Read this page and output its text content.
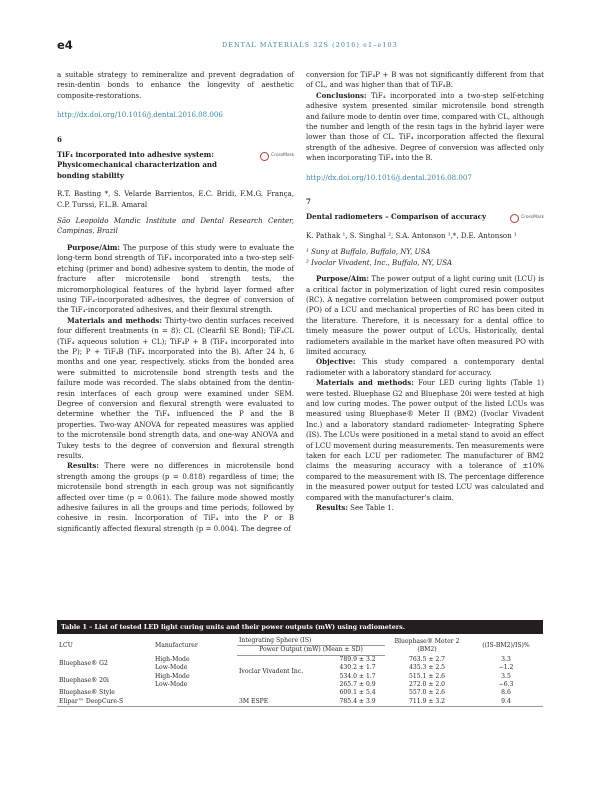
e4	DENTAL MATERIALS 32S (2016) e1–e103

a suitable strategy to remineralize and prevent degradation of resin-dentin bonds to enhance the longevity of aesthetic composite-restorations.

http://dx.doi.org/10.1016/j.dental.2016.08.006
6

TiF₄ incorporated into adhesive system: Physicomechanical characterization and bonding stability

CrossMark

R.T. Basting *, S. Velarde Barrientos, E.C. Bridi, F.M.G. França, C.P. Turssi, F.L.B. Amaral

São Leopoldo Mandic Institute and Dental Research Center, Campinas, Brazil

Purpose/Aim: The purpose of this study were to evaluate the long-term bond strength of TiF₄ incorporated into a two-step self-etching (primer and bond) adhesive system to dentin, the mode of fracture after microtensile bond strength tests, the micromorphological features of the hybrid layer formed after using TiF₄-incorporated adhesives, the degree of conversion of the TiF₄-incorporated adhesives, and their flexural strength.

Materials and methods: Thirty-two dentin surfaces received four different treatments (n = 8): CL (Clearfil SE Bond); TiF₄CL (TiF₄ aqueous solution + CL); TiF₄P + B (TiF₄ incorporated into the P); P + TiF₄B (TiF₄ incorporated into the B). After 24 h, 6 months and one year, respectively, sticks from the bonded area were submitted to microtensile bond strength tests and the failure mode was recorded. The slabs obtained from the dentin-resin interfaces of each group were examined under SEM. Degree of conversion and flexural strength were evaluated to determine whether the TiF₄ influenced the P and the B properties. Two-way ANOVA for repeated measures was applied to the microtensile bond strength data, and one-way ANOVA and Tukey tests to the degree of conversion and flexural strength results.

Results: There were no differences in microtensile bond strength among the groups (p = 0.818) regardless of time; the microtensile bond strength in each group was not significantly affected over time (p = 0.061). The failure mode showed mostly adhesive failures in all the groups and time periods, followed by cohesive in resin. Incorporation of TiF₄ into the P or B significantly affected flexural strength (p = 0.004). The degree of

conversion for TiF₄P + B was not significantly different from that of CL, and was higher than that of TiF₄B.

Conclusions: TiF₄ incorporated into a two-step self-etching adhesive system presented similar microtensile bond strength and failure mode to dentin over time, compared with CL, although the number and length of the resin tags in the hybrid layer were lower than those of CL. TiF₄ incorporation affected the flexural strength of the adhesive. Degree of conversion was affected only when incorporating TiF₄ into the B.

http://dx.doi.org/10.1016/j.dental.2016.08.007
7

Dental radiometers – Comparison of accuracy	CrossMark

K. Pathak ¹, S. Singhal ², S.A. Antonson ¹,*, D.E. Antonson ¹

¹ Suny at Buffalo, Buffalo, NY, USA

² Ivoclar Vivadent, Inc., Buffalo, NY, USA

Purpose/Aim: The power output of a light curing unit (LCU) is a critical factor in polymerization of light cured resin composites (RC). A negative correlation between compromised power output (PO) of a LCU and mechanical properties of RC has been cited in the literature. Therefore, it is necessary for a dental office to timely measure the power output of LCUs. Historically, dental radiometers available in the market have often measured PO with limited accuracy.

Objective: This study compared a contemporary dental radiometer with a laboratory standard for accuracy.

Materials and methods: Four LED curing lights (Table 1) were tested. Bluephase G2 and Bluephase 20i were tested at high and low curing modes. The power output of the listed LCUs was measured using Bluephase® Meter II (BM2) (Ivoclar Vivadent Inc.) and a laboratory standard radiometer- Integrating Sphere (IS). The LCUs were positioned in a metal stand to avoid an effect of LCU movement during measurements. Ten measurements were taken for each LCU per radiometer. The manufacturer of BM2 claims the measuring accuracy with a tolerance of ±10% compared to the measurement with IS. The percentage difference in the measured power output for tested LCU was calculated and compared with the manufacturer's claim.

Results: See Table 1.

Table 1 – List of tested LED light curing units and their power outputs (mW) using radiometers.
LCU	Manufacturer	Integrating Sphere (IS)		Bluephase® Meter 2 (BM2)	((IS-BM2)/IS)%
		Power Output (mW) (Mean ± SD)			
Bluephase® G2	High-Mode	Ivoclar Vivadent Inc.	789.9 ± 3.2	763.5 ± 2.7	3.3
	Low-Mode		430.2 ± 1.7	435.3 ± 2.5	−1.2
Bluephase® 20i	High-Mode		534.0 ± 1.7	515.1 ± 2.6	3.5
	Low-Mode		265.7 ± 0.9	272.0 ± 2.0	−6.3
Bluephase® Style			609.1 ± 5.4	557.0 ± 2.6	8.6
Elipar™ DeepCure-S		3M ESPE	785.4 ± 3.9	711.9 ± 3.2	9.4
